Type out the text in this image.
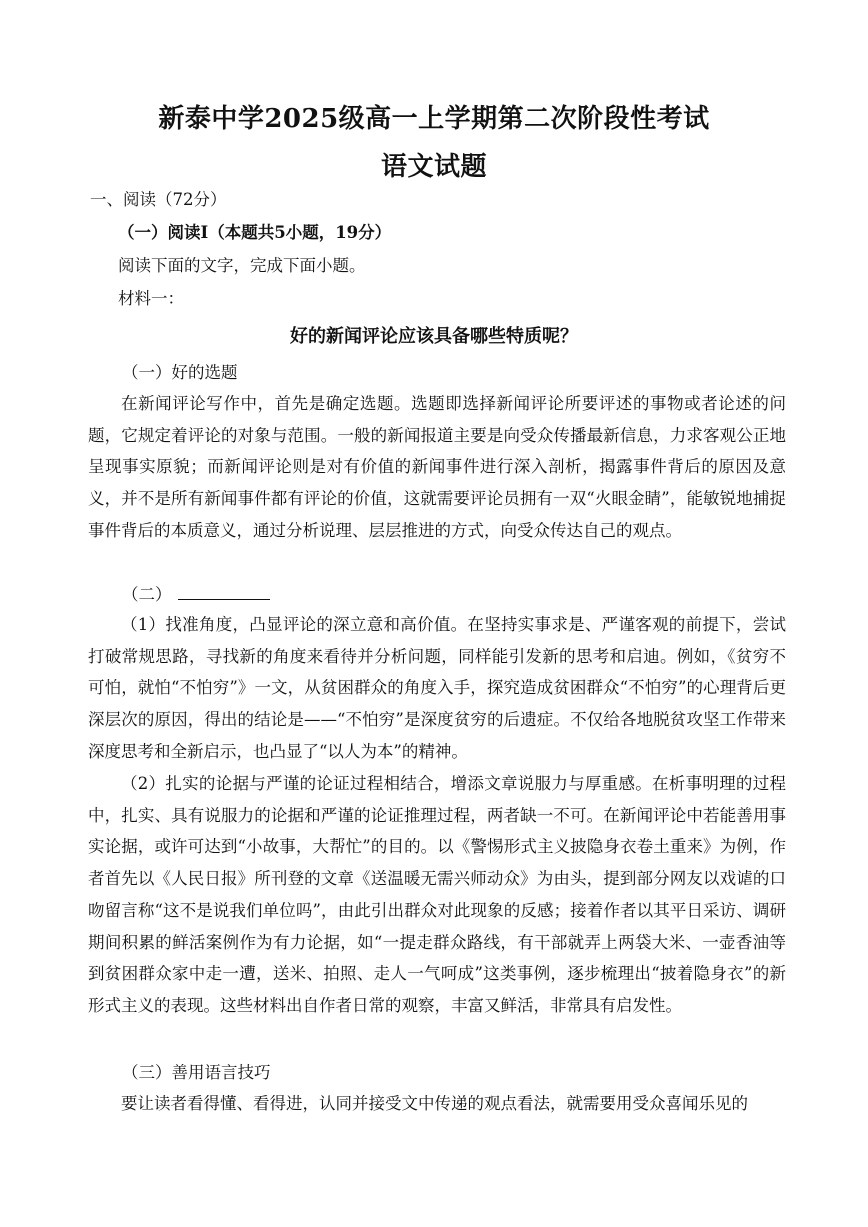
新泰中学2025级高一上学期第二次阶段性考试
语文试题
一、阅读（72分）
（一）阅读Ⅰ（本题共5小题，19分）
阅读下面的文字，完成下面小题。
材料一：
好的新闻评论应该具备哪些特质呢？
（一）好的选题

在新闻评论写作中，首先是确定选题。选题即选择新闻评论所要评述的事物或者论述的问题，它规定着评论的对象与范围。一般的新闻报道主要是向受众传播最新信息，力求客观公正地呈现事实原貌；而新闻评论则是对有价值的新闻事件进行深入剖析，揭露事件背后的原因及意义，并不是所有新闻事件都有评论的价值，这就需要评论员拥有一双“火眼金睛”，能敏锐地捕捉事件背后的本质意义，通过分析说理、层层推进的方式，向受众传达自己的观点。

（二）

（1）找准角度，凸显评论的深立意和高价值。在坚持实事求是、严谨客观的前提下，尝试打破常规思路，寻找新的角度来看待并分析问题，同样能引发新的思考和启迪。例如，《贫穷不可怕，就怕“不怕穷”》一文，从贫困群众的角度入手，探究造成贫困群众“不怕穷”的心理背后更深层次的原因，得出的结论是——“不怕穷”是深度贫穷的后遗症。不仅给各地脱贫攻坚工作带来深度思考和全新启示，也凸显了“以人为本”的精神。

（2）扎实的论据与严谨的论证过程相结合，增添文章说服力与厚重感。在析事明理的过程中，扎实、具有说服力的论据和严谨的论证推理过程，两者缺一不可。在新闻评论中若能善用事实论据，或许可达到“小故事，大帮忙”的目的。以《警惕形式主义披隐身衣卷土重来》为例，作者首先以《人民日报》所刊登的文章《送温暖无需兴师动众》为由头，提到部分网友以戏谑的口吻留言称“这不是说我们单位吗”，由此引出群众对此现象的反感；接着作者以其平日采访、调研期间积累的鲜活案例作为有力论据，如“一提走群众路线，有干部就弄上两袋大米、一壶香油等到贫困群众家中走一遭，送米、拍照、走人一气呵成”这类事例，逐步梳理出“披着隐身衣”的新形式主义的表现。这些材料出自作者日常的观察，丰富又鲜活，非常具有启发性。

（三）善用语言技巧

要让读者看得懂、看得进，认同并接受文中传递的观点看法，就需要用受众喜闻乐见的
